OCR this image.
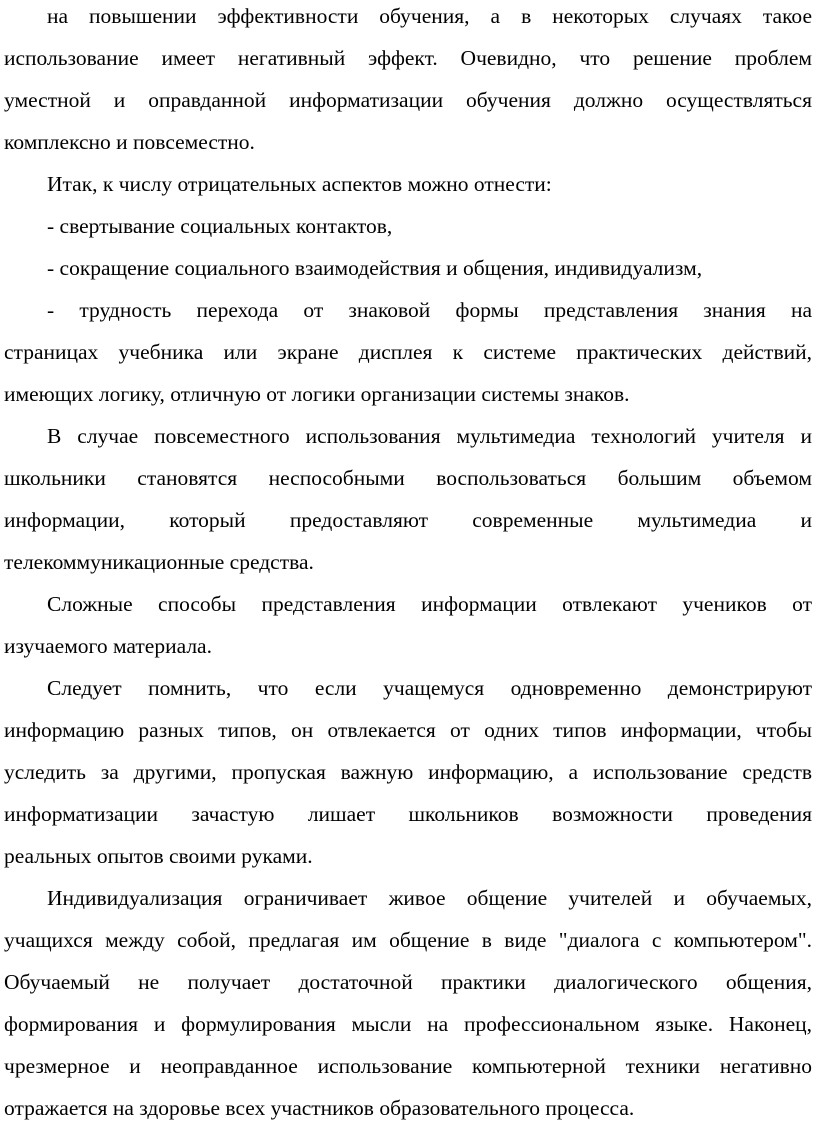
на повышении эффективности обучения, а в некоторых случаях такое
использование имеет негативный эффект. Очевидно, что решение проблем
уместной и оправданной информатизации обучения должно осуществляться
комплексно и повсеместно.
Итак, к числу отрицательных аспектов можно отнести:
- свертывание социальных контактов,
- сокращение социального взаимодействия и общения, индивидуализм,
- трудность перехода от знаковой формы представления знания на
страницах учебника или экране дисплея к системе практических действий,
имеющих логику, отличную от логики организации системы знаков.
В случае повсеместного использования мультимедиа технологий учителя и
школьники становятся неспособными воспользоваться большим объемом
информации, который предоставляют современные мультимедиа и
телекоммуникационные средства.
Сложные способы представления информации отвлекают учеников от
изучаемого материала.
Следует помнить, что если учащемуся одновременно демонстрируют
информацию разных типов, он отвлекается от одних типов информации, чтобы
уследить за другими, пропуская важную информацию, а использование средств
информатизации зачастую лишает школьников возможности проведения
реальных опытов своими руками.
Индивидуализация ограничивает живое общение учителей и обучаемых,
учащихся между собой, предлагая им общение в виде "диалога с компьютером".
Обучаемый не получает достаточной практики диалогического общения,
формирования и формулирования мысли на профессиональном языке. Наконец,
чрезмерное и неоправданное использование компьютерной техники негативно
отражается на здоровье всех участников образовательного процесса.
